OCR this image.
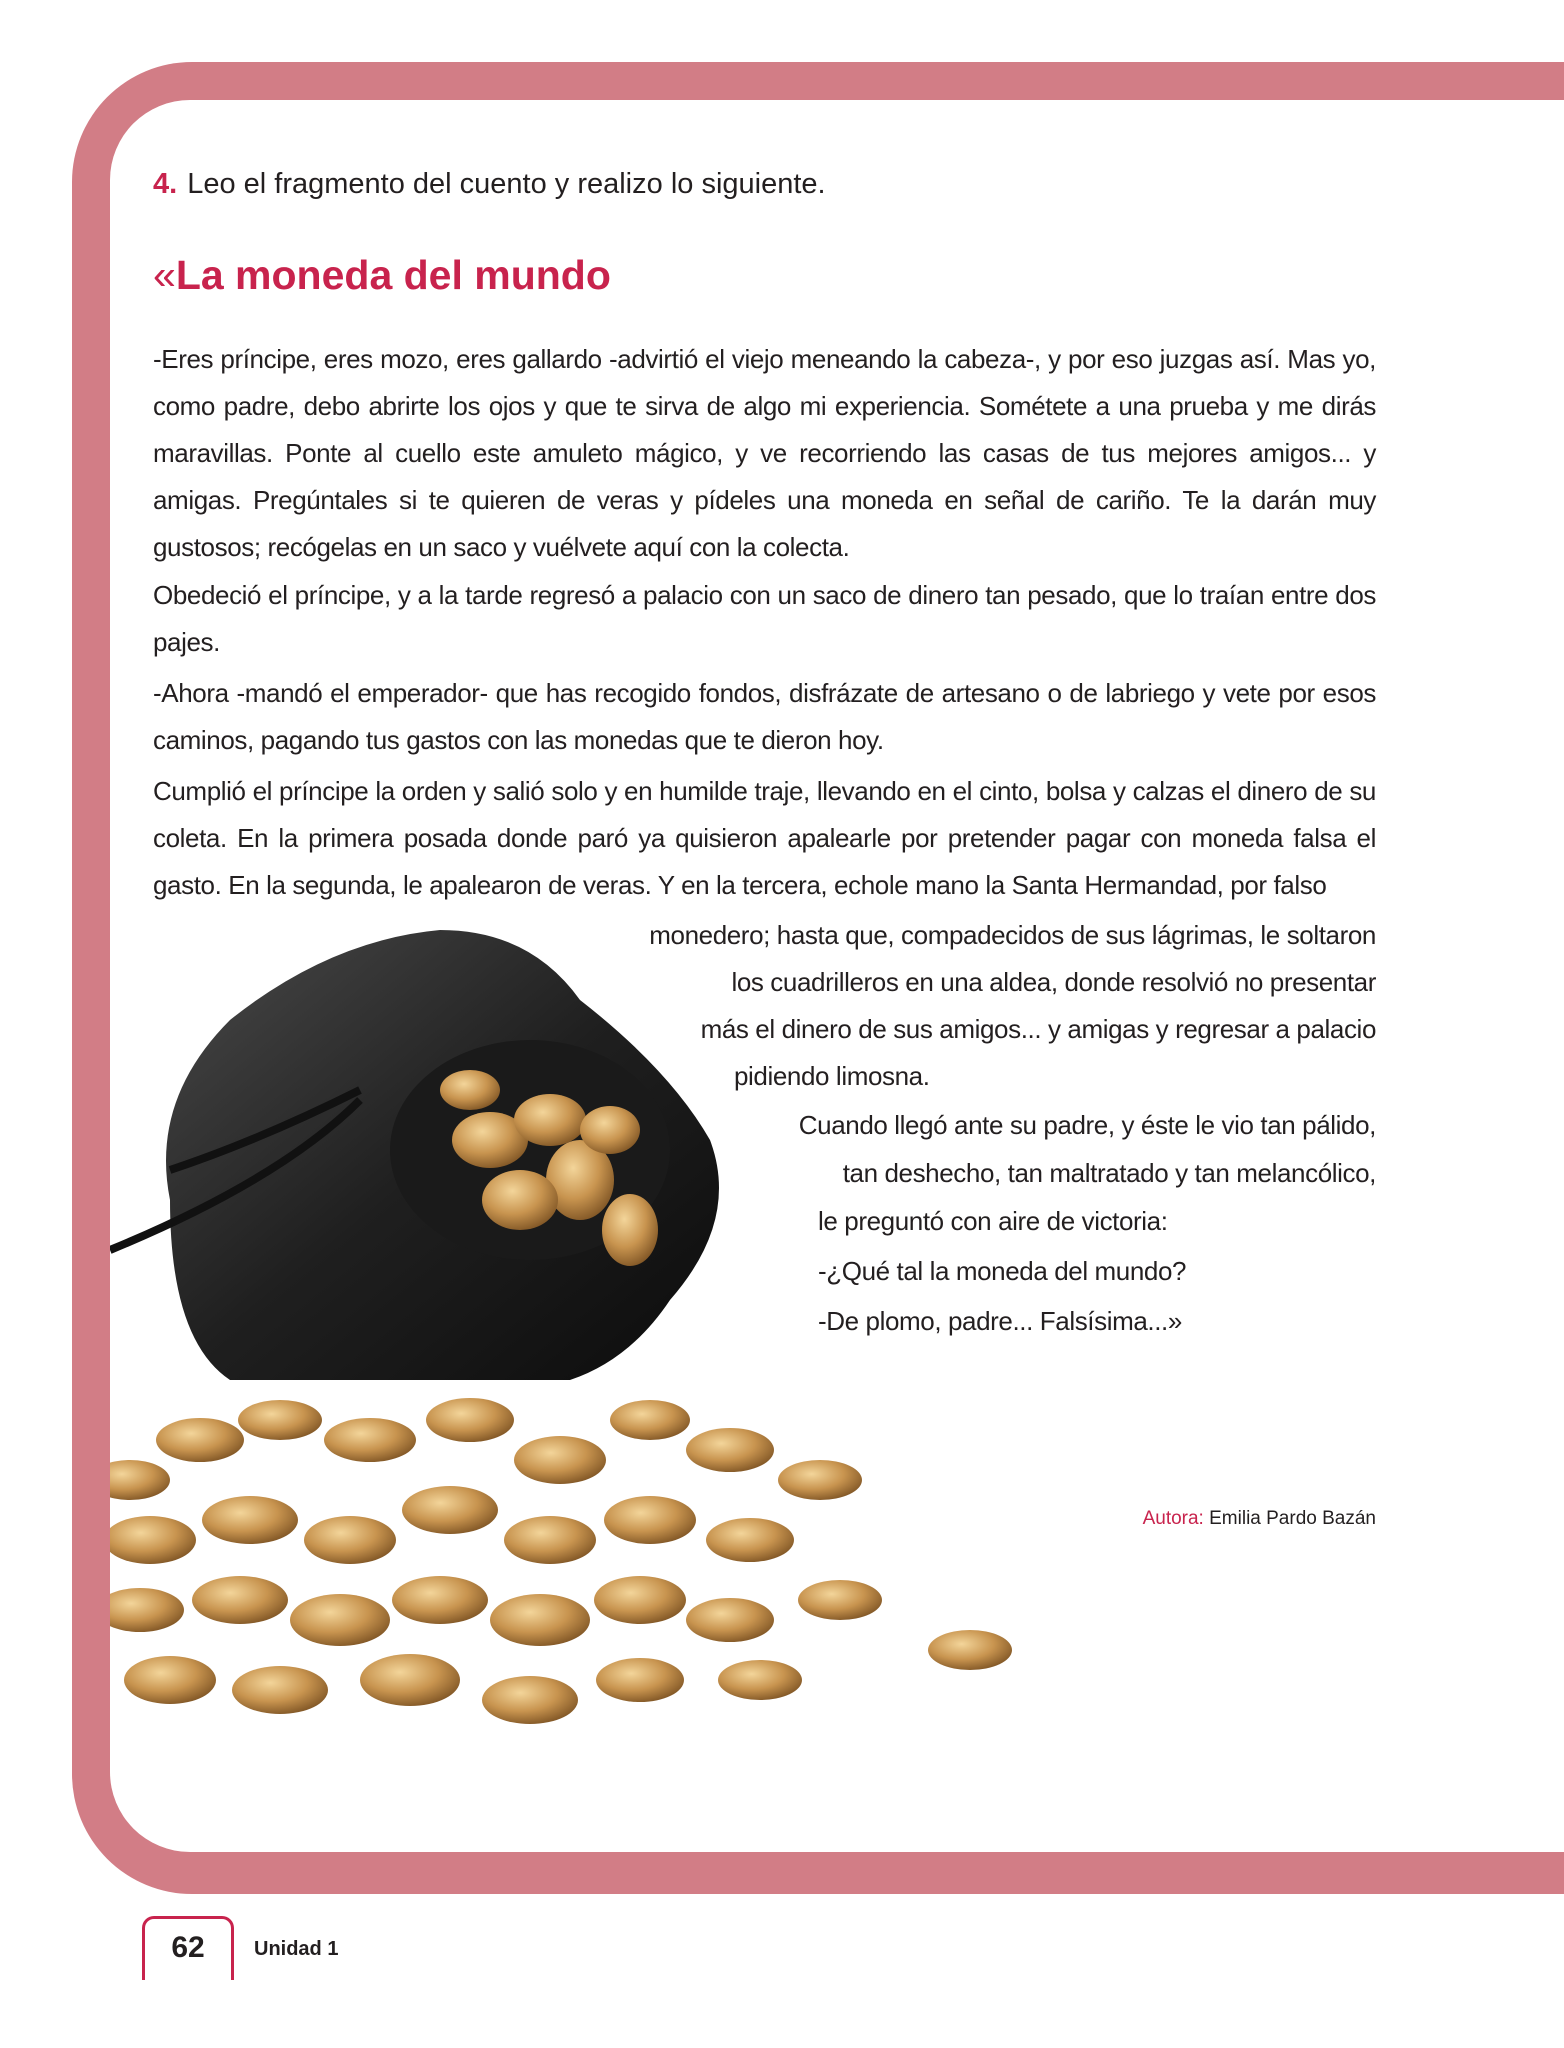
4. Leo el fragmento del cuento y realizo lo siguiente.
«La moneda del mundo

-Eres príncipe, eres mozo, eres gallardo -advirtió el viejo meneando la cabeza-, y por eso juzgas así. Mas yo, como padre, debo abrirte los ojos y que te sirva de algo mi experiencia. Sométete a una prueba y me dirás maravillas. Ponte al cuello este amuleto mágico, y ve recorriendo las casas de tus mejores amigos... y amigas. Pregúntales si te quieren de veras y pídeles una moneda en señal de cariño. Te la darán muy gustosos; recógelas en un saco y vuélvete aquí con la colecta.

Obedeció el príncipe, y a la tarde regresó a palacio con un saco de dinero tan pesado, que lo traían entre dos pajes.

-Ahora -mandó el emperador- que has recogido fondos, disfrázate de artesano o de labriego y vete por esos caminos, pagando tus gastos con las monedas que te dieron hoy.

Cumplió el príncipe la orden y salió solo y en humilde traje, llevando en el cinto, bolsa y calzas el dinero de su coleta. En la primera posada donde paró ya quisieron apalearle por pretender pagar con moneda falsa el gasto. En la segunda, le apalearon de veras. Y en la tercera, echole mano la Santa Hermandad, por falso

monedero; hasta que, compadecidos de sus lágrimas, le soltaron

los cuadrilleros en una aldea, donde resolvió no presentar

más el dinero de sus amigos... y amigas y regresar a palacio

pidiendo limosna.

Cuando llegó ante su padre, y éste le vio tan pálido,

tan deshecho, tan maltratado y tan melancólico,

le preguntó con aire de victoria:

-¿Qué tal la moneda del mundo?

-De plomo, padre... Falsísima...»

Autora: Emilia Pardo Bazán
62	Unidad 1
